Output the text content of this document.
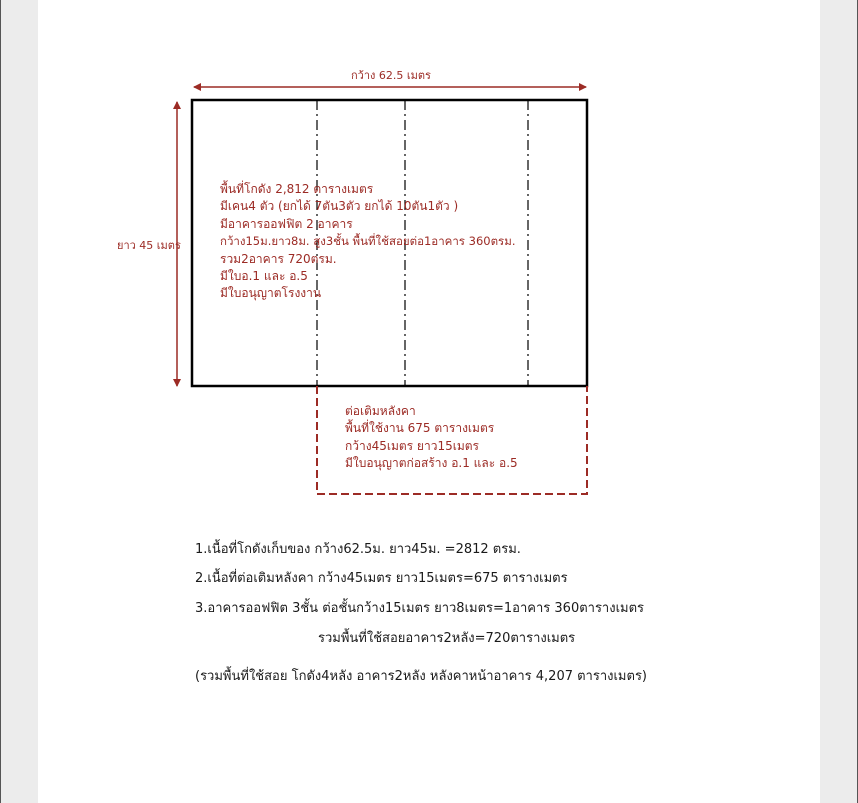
กว้าง 62.5 เมตร
ยาว 45 เมตร
พื้นที่โกดัง 2,812 ตารางเมตร
มีเคน4 ตัว (ยกได้ 7ตัน3ตัว ยกได้ 10ตัน1ตัว )
มีอาคารออฟฟิต 2 อาคาร
กว้าง15ม.ยาว8ม. สูง3ชั้น พื้นที่ใช้สอยต่อ1อาคาร 360ตรม.
รวม2อาคาร 720ตรม.
มีใบอ.1 และ อ.5
มีใบอนุญาตโรงงาน
ต่อเติมหลังคา
พื้นที่ใช้งาน 675 ตารางเมตร
กว้าง45เมตร ยาว15เมตร
มีใบอนุญาตก่อสร้าง อ.1 และ อ.5
1.เนื้อที่โกดังเก็บของ กว้าง62.5ม. ยาว45ม. =2812 ตรม.
2.เนื้อที่ต่อเติมหลังคา กว้าง45เมตร ยาว15เมตร=675 ตารางเมตร
3.อาคารออฟฟิต 3ชั้น ต่อชั้นกว้าง15เมตร ยาว8เมตร=1อาคาร 360ตารางเมตร
รวมพื้นที่ใช้สอยอาคาร2หลัง=720ตารางเมตร
(รวมพื้นที่ใช้สอย โกดัง4หลัง อาคาร2หลัง หลังคาหน้าอาคาร 4,207 ตารางเมตร)
